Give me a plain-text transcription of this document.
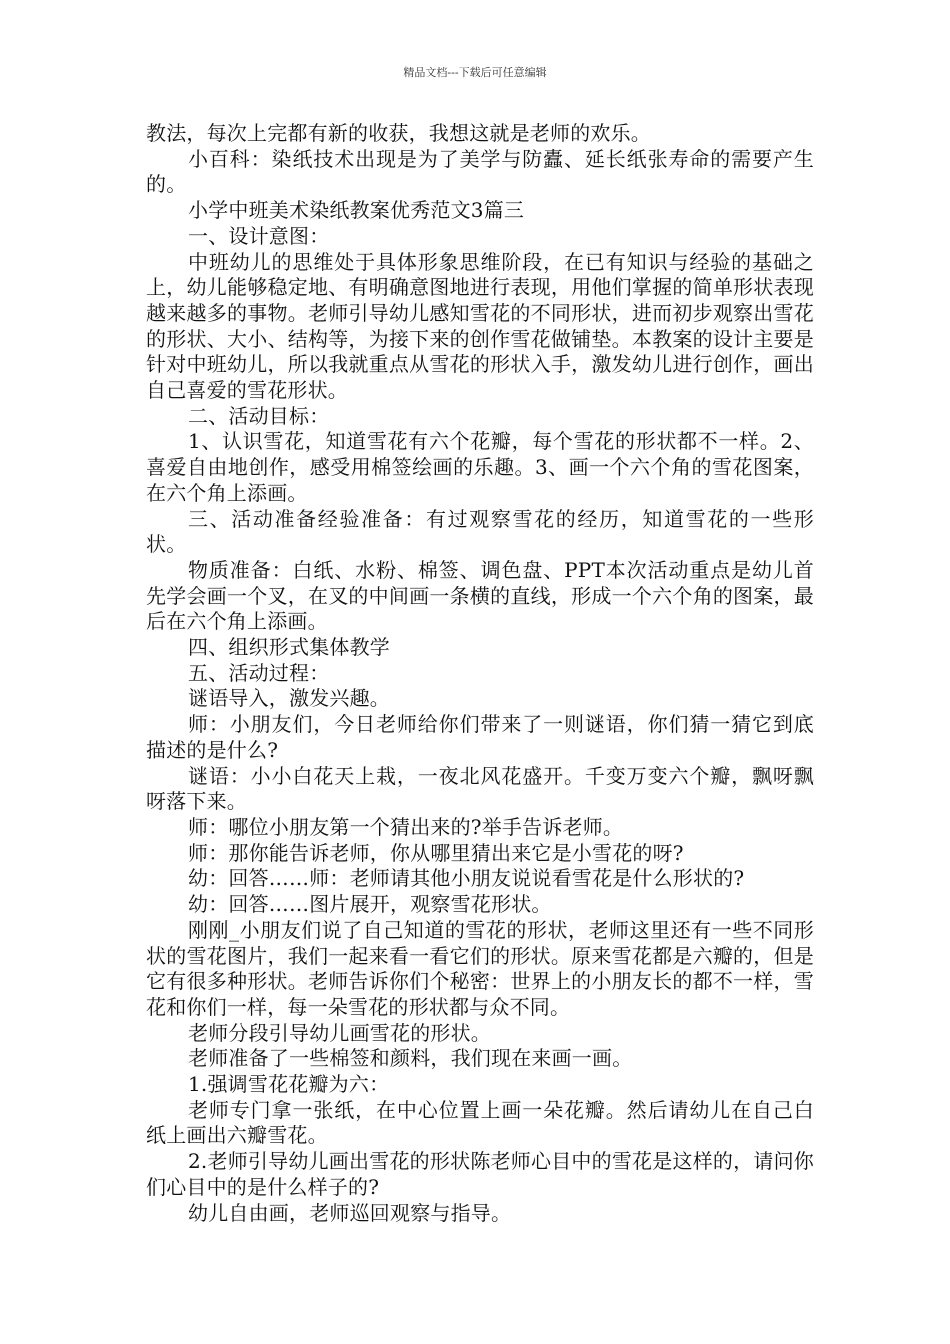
精品文档---下载后可任意编辑

教法，每次上完都有新的收获，我想这就是老师的欢乐。

小百科：染纸技术出现是为了美学与防蠹、延长纸张寿命的需要产生的。

小学中班美术染纸教案优秀范文3篇三

一、设计意图：

中班幼儿的思维处于具体形象思维阶段，在已有知识与经验的基础之上，幼儿能够稳定地、有明确意图地进行表现，用他们掌握的简单形状表现越来越多的事物。老师引导幼儿感知雪花的不同形状，进而初步观察出雪花的形状、大小、结构等，为接下来的创作雪花做铺垫。本教案的设计主要是针对中班幼儿，所以我就重点从雪花的形状入手，激发幼儿进行创作，画出自己喜爱的雪花形状。

二、活动目标：

1、认识雪花，知道雪花有六个花瓣，每个雪花的形状都不一样。2、喜爱自由地创作，感受用棉签绘画的乐趣。3、画一个六个角的雪花图案，在六个角上添画。

三、活动准备经验准备：有过观察雪花的经历，知道雪花的一些形状。

物质准备：白纸、水粉、棉签、调色盘、PPT本次活动重点是幼儿首先学会画一个叉，在叉的中间画一条横的直线，形成一个六个角的图案，最后在六个角上添画。

四、组织形式集体教学

五、活动过程：

谜语导入，激发兴趣。

师：小朋友们，今日老师给你们带来了一则谜语，你们猜一猜它到底描述的是什么?

谜语：小小白花天上栽，一夜北风花盛开。千变万变六个瓣，飘呀飘呀落下来。

师：哪位小朋友第一个猜出来的?举手告诉老师。

师：那你能告诉老师，你从哪里猜出来它是小雪花的呀?

幼：回答……师：老师请其他小朋友说说看雪花是什么形状的?

幼：回答……图片展开，观察雪花形状。

刚刚_小朋友们说了自己知道的雪花的形状，老师这里还有一些不同形状的雪花图片，我们一起来看一看它们的形状。原来雪花都是六瓣的，但是它有很多种形状。老师告诉你们个秘密：世界上的小朋友长的都不一样，雪花和你们一样，每一朵雪花的形状都与众不同。

老师分段引导幼儿画雪花的形状。

老师准备了一些棉签和颜料，我们现在来画一画。

1.强调雪花花瓣为六：

老师专门拿一张纸，在中心位置上画一朵花瓣。然后请幼儿在自己白纸上画出六瓣雪花。

2.老师引导幼儿画出雪花的形状陈老师心目中的雪花是这样的，请问你们心目中的是什么样子的?

幼儿自由画，老师巡回观察与指导。
